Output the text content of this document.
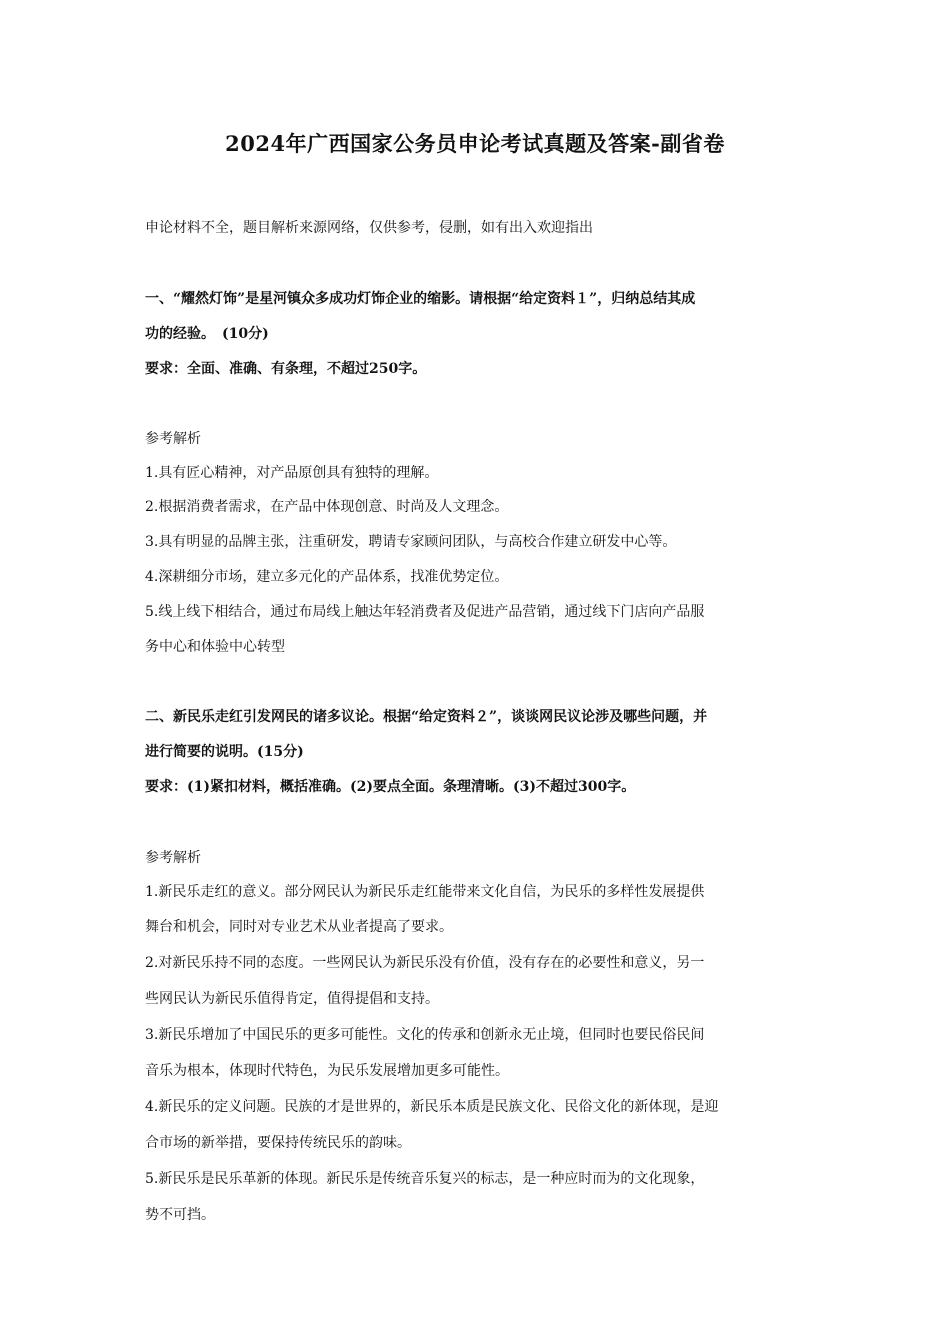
2024年广西国家公务员申论考试真题及答案-副省卷
申论材料不全，题目解析来源网络，仅供参考，侵删，如有出入欢迎指出
一、“耀然灯饰”是星河镇众多成功灯饰企业的缩影。请根据“给定资料１”，归纳总结其成
功的经验。　(10分)
要求：全面、准确、有条理，不超过250字。
参考解析
1.具有匠心精神，对产品原创具有独特的理解。
2.根据消费者需求，在产品中体现创意、时尚及人文理念。
3.具有明显的品牌主张，注重研发，聘请专家顾问团队，与高校合作建立研发中心等。
4.深耕细分市场，建立多元化的产品体系，找准优势定位。
5.线上线下相结合，通过布局线上触达年轻消费者及促进产品营销，通过线下门店向产品服
务中心和体验中心转型
二、新民乐走红引发网民的诸多议论。根据“给定资料２”，谈谈网民议论涉及哪些问题，并
进行简要的说明。(15分)
要求：(1)紧扣材料，概括准确。(2)要点全面。条理清晰。(3)不超过300字。
参考解析
1.新民乐走红的意义。部分网民认为新民乐走红能带来文化自信，为民乐的多样性发展提供
舞台和机会，同时对专业艺术从业者提高了要求。
2.对新民乐持不同的态度。一些网民认为新民乐没有价值，没有存在的必要性和意义，另一
些网民认为新民乐值得肯定，值得提倡和支持。
3.新民乐增加了中国民乐的更多可能性。文化的传承和创新永无止境，但同时也要民俗民间
音乐为根本，体现时代特色，为民乐发展增加更多可能性。
4.新民乐的定义问题。民族的才是世界的，新民乐本质是民族文化、民俗文化的新体现，是迎
合市场的新举措，要保持传统民乐的韵味。
5.新民乐是民乐革新的体现。新民乐是传统音乐复兴的标志，是一种应时而为的文化现象，
势不可挡。
